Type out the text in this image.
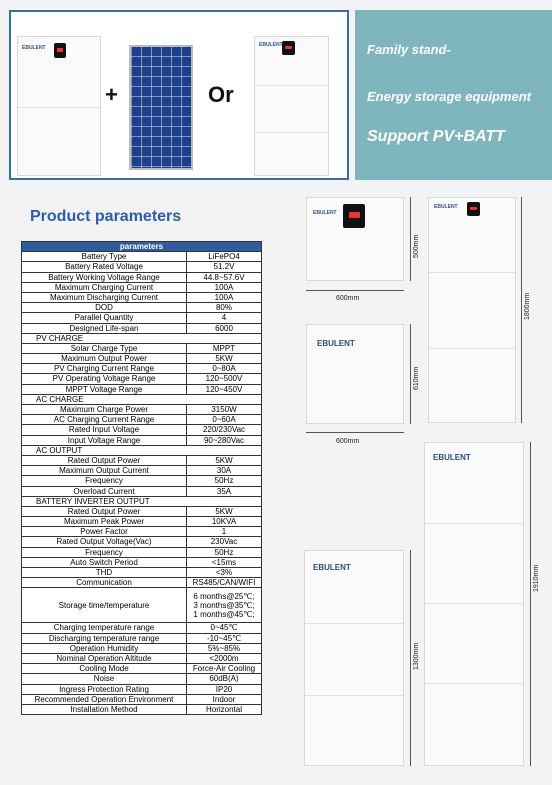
EBULENT
+	Or
EBULENT	Family stand-
Energy storage equipment
Support PV+BATT
Product parameters
parameters	
Battery Type	LiFePO4
Battery Rated Voltage	51.2V
Battery Working Voltage Range	44.8~57.6V
Maximum Charging Current	100A
Maximum Discharging Current	100A
DOD	80%
Parallel Quantity	4
Designed Life-span	6000
PV CHARGE	
Solar Charge Type	MPPT
Maximum Output Power	5KW
PV Charging Current Range	0~80A
PV Operating Voltage Range	120~500V
MPPT Voltage Range	120~450V
AC CHARGE	
Maximum Charge Power	3150W
AC Charging Current Range	0~60A
Rated Input Voltage	220/230Vac
Input Voltage Range	90~280Vac
AC OUTPUT	
Rated Output Power	5KW
Maximum Output Current	30A
Frequency	50Hz
Overload Current	35A
BATTERY INVERTER OUTPUT	
Rated Output Power	5KW
Maximum Peak Power	10KVA
Power Factor	1
Rated Output Voltage(Vac)	230Vac
Frequency	50Hz
Auto Switch Period	<15ms
THD	<3%
Communication	RS485/CAN/WIFI
Storage time/temperature	6 months@25℃;
3 months@35℃;
1 months@45℃;
Charging temperature range	0~45℃
Discharging temperature range	-10~45℃
Operation Humidity	5%~85%
Nominal Operation Altitude	<2000m
Cooling Mode	Force-Air Cooling
Noise	60dB(A)
Ingress Protection Rating	IP20
Recommended Operation Environment	Indoor
Installation Method	Horizontal
EBULENT
500mm
600mm
EBULENT
610mm
600mm
EBULENT
1800mm
EBULENT
1300mm
EBULENT
1910mm
